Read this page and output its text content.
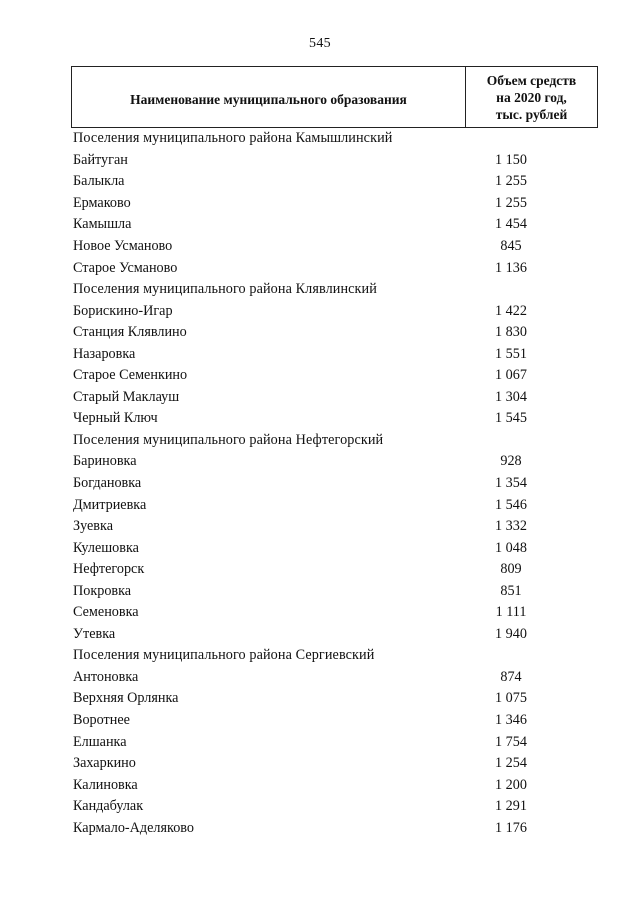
545
Наименование муниципального образования
Объем средств
на 2020 год,
тыс. рублей
Поселения муниципального района Камышлинский
Байтуган	1 150
Балыкла	1 255
Ермаково	1 255
Камышла	1 454
Новое Усманово	845
Старое Усманово	1 136
Поселения муниципального района Клявлинский
Борискино-Игар	1 422
Станция Клявлино	1 830
Назаровка	1 551
Старое Семенкино	1 067
Старый Маклауш	1 304
Черный Ключ	1 545
Поселения муниципального района Нефтегорский
Бариновка	928
Богдановка	1 354
Дмитриевка	1 546
Зуевка	1 332
Кулешовка	1 048
Нефтегорск	809
Покровка	851
Семеновка	1 111
Утевка	1 940
Поселения муниципального района Сергиевский
Антоновка	874
Верхняя Орлянка	1 075
Воротнее	1 346
Елшанка	1 754
Захаркино	1 254
Калиновка	1 200
Кандабулак	1 291
Кармало-Аделяково	1 176
